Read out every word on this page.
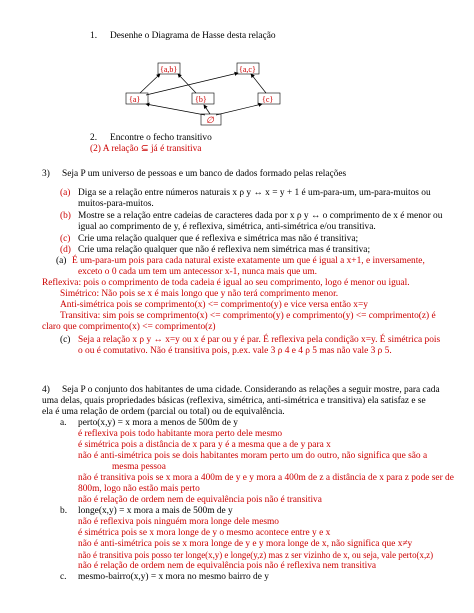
1. Desenhe o Diagrama de Hasse desta relação
{a,b}	{a,c}
{a}	{b}	{c}
∅
2. Encontre o fecho transitivo
(2) A relação ⊆ já é transitiva
3) Seja P um universo de pessoas e um banco de dados formado pelas relações
(a) Diga se a relação entre números naturais x ρ y ↔ x = y + 1 é um-para-um, um-para-muitos ou
muitos-para-muitos.
(b) Mostre se a relação entre cadeias de caracteres dada por x ρ y ↔ o comprimento de x é menor ou
igual ao comprimento de y, é reflexiva, simétrica, anti-simétrica e/ou transitiva.
(c) Crie uma relação qualquer que é reflexiva e simétrica mas não é transitiva;
(d) Crie uma relação qualquer que não é reflexiva nem simétrica mas é transitiva;
(a) É um-para-um pois para cada natural existe exatamente um que é igual a x+1, e inversamente,
exceto o 0 cada um tem um antecessor x-1, nunca mais que um.
Reflexiva: pois o comprimento de toda cadeia é igual ao seu comprimento, logo é menor ou igual.
Simétrico: Não pois se x é mais longo que y não terá comprimento menor.
Anti-simétrica pois se comprimento(x) <= comprimento(y) e vice versa então x=y
Transitiva: sim pois se comprimento(x) <= comprimento(y) e comprimento(y) <= comprimento(z) é
claro que comprimento(x) <= comprimento(z)
(c) Seja a relação x ρ y ↔ x=y ou x é par ou y é par. É reflexiva pela condição x=y. É simétrica pois
o ou é comutativo. Não é transitiva pois, p.ex. vale 3 ρ 4 e 4 ρ 5 mas não vale 3 ρ 5.
4) Seja P o conjunto dos habitantes de uma cidade. Considerando as relações a seguir mostre, para cada
uma delas, quais propriedades básicas (reflexiva, simétrica, anti-simétrica e transitiva) ela satisfaz e se
ela é uma relação de ordem (parcial ou total) ou de equivalência.
a. perto(x,y) = x mora a menos de 500m de y
é reflexiva pois todo habitante mora perto dele mesmo
é simétrica pois a distância de x para y é a mesma que a de y para x
não é anti-simétrica pois se dois habitantes moram perto um do outro, não significa que são a
mesma pessoa
não é transitiva pois se x mora a 400m de y e y mora a 400m de z a distância de x para z pode ser de
800m, logo não estão mais perto
não é relação de ordem nem de equivalência pois não é transitiva
b. longe(x,y) = x mora a mais de 500m de y
não é reflexiva pois ninguém mora longe dele mesmo
é simétrica pois se x mora longe de y o mesmo acontece entre y e x
não é anti-simétrica pois se x mora longe de y e y mora longe de x, não significa que x≠y
não é transitiva pois posso ter longe(x,y) e longe(y,z) mas z ser vizinho de x, ou seja, vale perto(x,z)
não é relação de ordem nem de equivalência pois não é reflexiva nem transitiva
c. mesmo-bairro(x,y) = x mora no mesmo bairro de y
